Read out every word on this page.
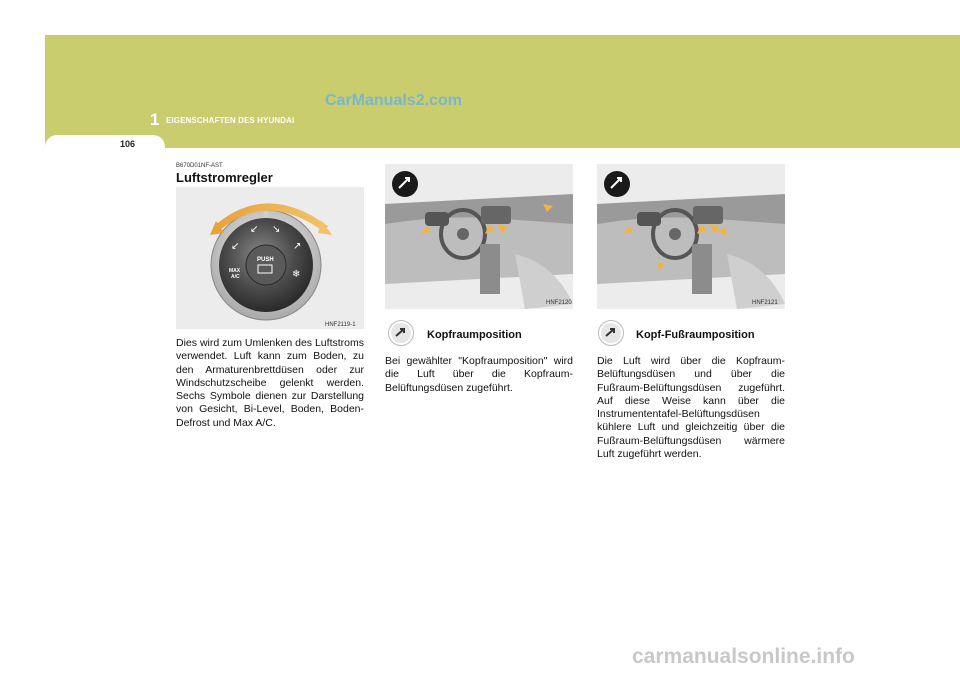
1 EIGENSCHAFTEN DES HYUNDAI
CarManuals2.com
106
B670D01NF-AST
Luftstromregler
↙ ↘
↙	↗
PUSH
MAX
A/C	❄
HNF2119-1
Dies wird zum Umlenken des Luftstroms verwendet. Luft kann zum Boden, zu den Armaturenbrettdüsen oder zur Windschutzscheibe gelenkt werden. Sechs Symbole dienen zur Darstellung von Gesicht, Bi-Level, Boden, Boden-Defrost und Max A/C.
HNF2120
Kopfraumposition
Bei gewählter "Kopfraumposition" wird die Luft über die Kopfraum-Belüftungsdüsen zugeführt.
HNF2121
Kopf-Fußraumposition
Die Luft wird über die Kopfraum-Belüftungsdüsen und über die Fußraum-Belüftungsdüsen zugeführt. Auf diese Weise kann über die Instrumententafel-Belüftungsdüsen kühlere Luft und gleichzeitig über die Fußraum-Belüftungsdüsen wärmere Luft zugeführt werden.
carmanualsonline.info
